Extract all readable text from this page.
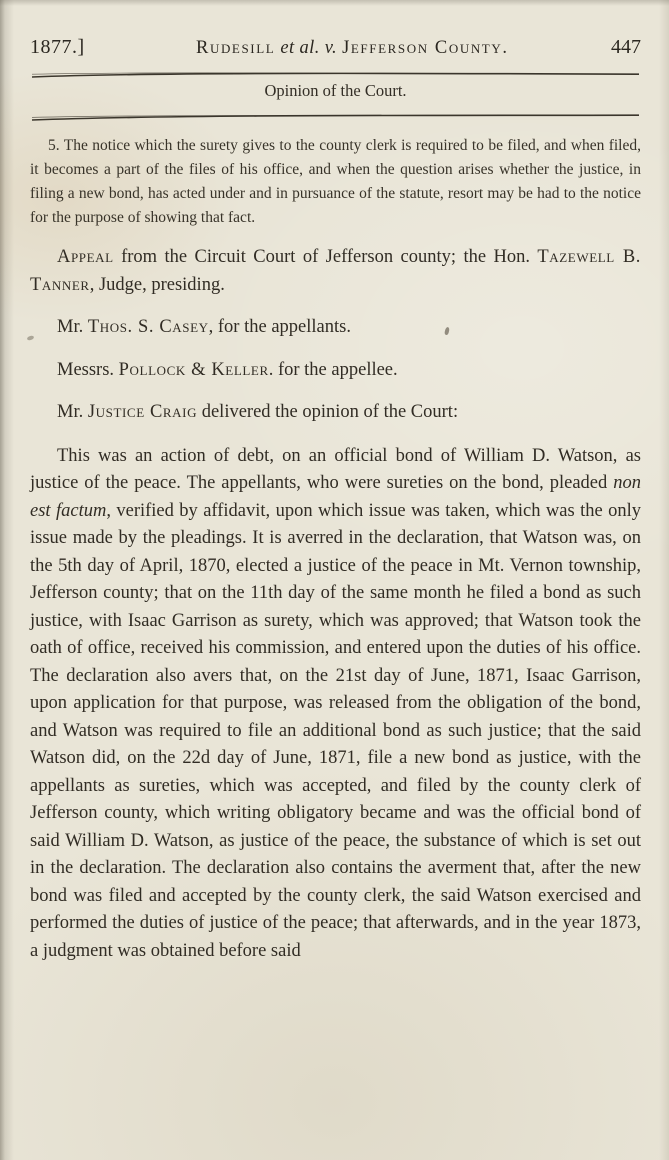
1877.]	Rudesill et al. v. Jefferson County.	447
Opinion of the Court.

5. The notice which the surety gives to the county clerk is required to be filed, and when filed, it becomes a part of the files of his office, and when the question arises whether the justice, in filing a new bond, has acted under and in pursuance of the statute, resort may be had to the notice for the purpose of showing that fact.

Appeal from the Circuit Court of Jefferson county; the Hon. Tazewell B. Tanner, Judge, presiding.

Mr. Thos. S. Casey, for the appellants.

Messrs. Pollock & Keller. for the appellee.

Mr. Justice Craig delivered the opinion of the Court:

This was an action of debt, on an official bond of William D. Watson, as justice of the peace. The appellants, who were sureties on the bond, pleaded non est factum, verified by affidavit, upon which issue was taken, which was the only issue made by the pleadings. It is averred in the declaration, that Watson was, on the 5th day of April, 1870, elected a justice of the peace in Mt. Vernon township, Jefferson county; that on the 11th day of the same month he filed a bond as such justice, with Isaac Garrison as surety, which was approved; that Watson took the oath of office, received his commission, and entered upon the duties of his office. The declaration also avers that, on the 21st day of June, 1871, Isaac Garrison, upon application for that purpose, was released from the obligation of the bond, and Watson was required to file an additional bond as such justice; that the said Watson did, on the 22d day of June, 1871, file a new bond as justice, with the appellants as sureties, which was accepted, and filed by the county clerk of Jefferson county, which writing obligatory became and was the official bond of said William D. Watson, as justice of the peace, the substance of which is set out in the declaration. The declaration also contains the averment that, after the new bond was filed and accepted by the county clerk, the said Watson exercised and performed the duties of justice of the peace; that afterwards, and in the year 1873, a judgment was obtained before said
